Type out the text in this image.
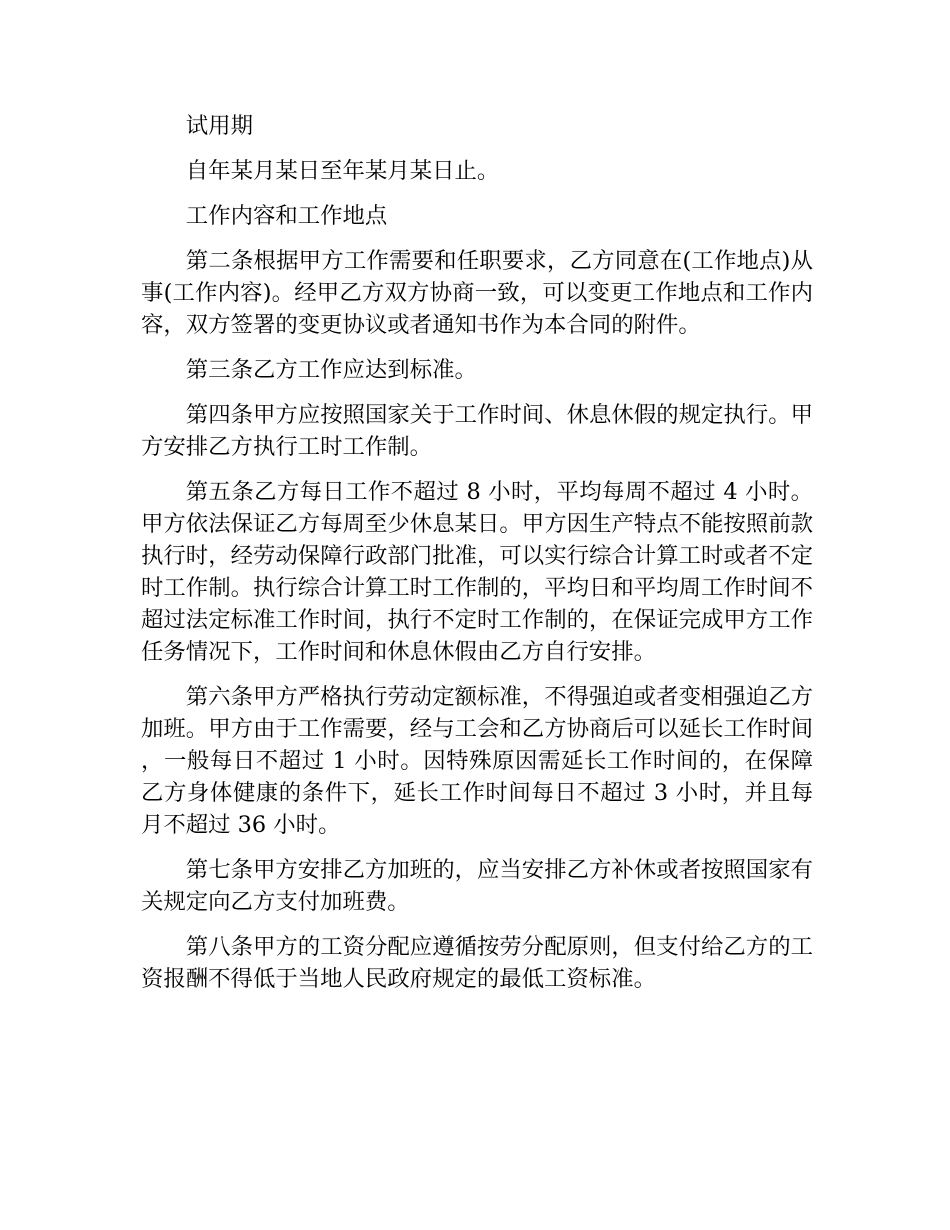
试用期

自年某月某日至年某月某日止。

工作内容和工作地点

第二条根据甲方工作需要和任职要求，乙方同意在(工作地点)从事(工作内容)。经甲乙方双方协商一致，可以变更工作地点和工作内容，双方签署的变更协议或者通知书作为本合同的附件。

第三条乙方工作应达到标准。

第四条甲方应按照国家关于工作时间、休息休假的规定执行。甲方安排乙方执行工时工作制。

第五条乙方每日工作不超过 8 小时，平均每周不超过 4 小时。甲方依法保证乙方每周至少休息某日。甲方因生产特点不能按照前款执行时，经劳动保障行政部门批准，可以实行综合计算工时或者不定时工作制。执行综合计算工时工作制的，平均日和平均周工作时间不超过法定标准工作时间，执行不定时工作制的，在保证完成甲方工作任务情况下，工作时间和休息休假由乙方自行安排。

第六条甲方严格执行劳动定额标准，不得强迫或者变相强迫乙方加班。甲方由于工作需要，经与工会和乙方协商后可以延长工作时间，一般每日不超过 1 小时。因特殊原因需延长工作时间的，在保障乙方身体健康的条件下，延长工作时间每日不超过 3 小时，并且每月不超过 36 小时。

第七条甲方安排乙方加班的，应当安排乙方补休或者按照国家有关规定向乙方支付加班费。

第八条甲方的工资分配应遵循按劳分配原则，但支付给乙方的工资报酬不得低于当地人民政府规定的最低工资标准。
